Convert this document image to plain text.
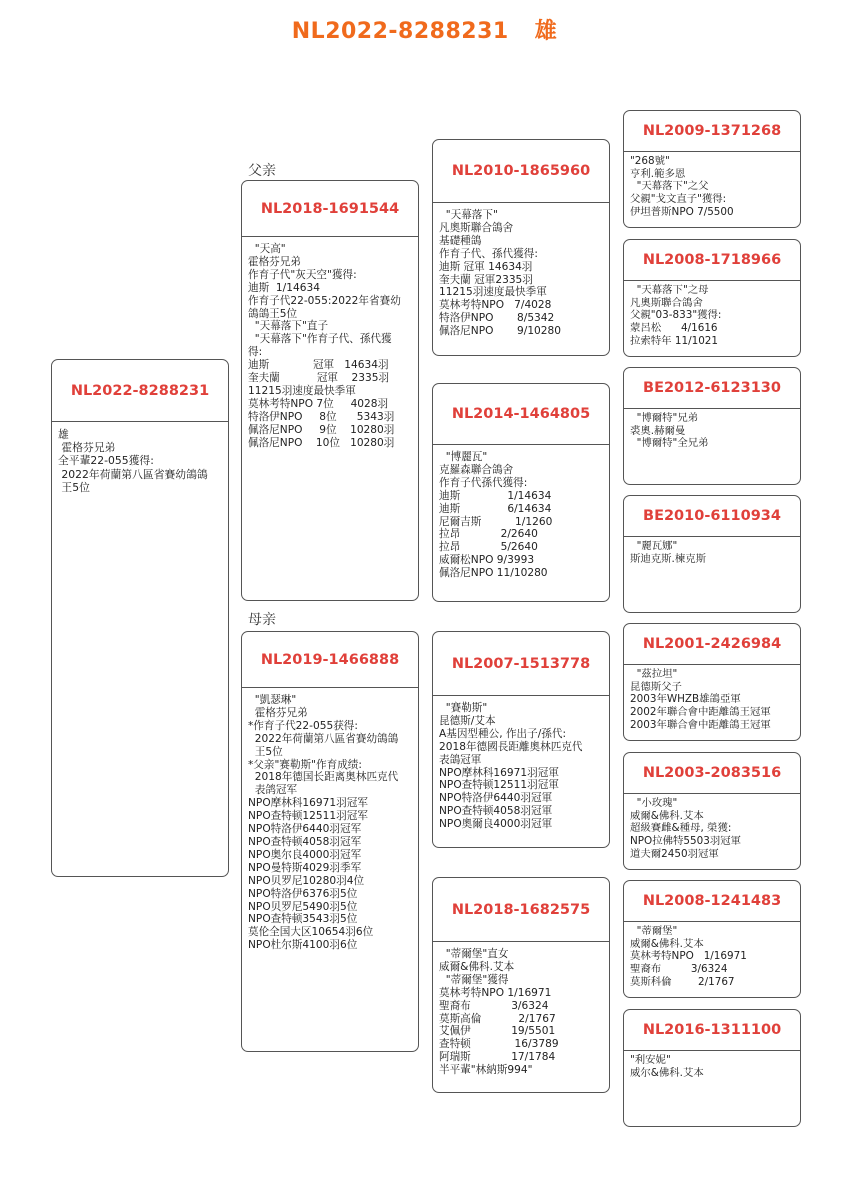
NL2022-8288231 雄
父亲
母亲
NL2022-8288231
雄
霍格芬兄弟
全平輩22-055獲得:
2022年荷蘭第八區省賽幼鴿鴿
王5位
NL2018-1691544
"天高"
霍格芬兄弟
作育子代"灰天空"獲得:
迪斯  1/14634
作育子代22-055:2022年省賽幼
鴿鴿王5位
"天幕落下"直子
"天幕落下"作育子代、孫代獲
得:
迪斯             冠軍   14634羽
奎夫蘭           冠軍    2335羽
11215羽速度最快季軍
莫林考特NPO 7位     4028羽
特洛伊NPO     8位      5343羽
佩洛尼NPO     9位    10280羽
佩洛尼NPO    10位   10280羽
NL2019-1466888
"凱瑟琳"
霍格芬兄弟
*作育子代22-055获得:
2022年荷蘭第八區省賽幼鴿鴿
王5位
*父亲"赛勒斯"作育成绩:
2018年德国长距离奥林匹克代
表鸽冠军
NPO摩林科16971羽冠军
NPO查特顿12511羽冠军
NPO特洛伊6440羽冠军
NPO查特顿4058羽冠军
NPO奥尔良4000羽冠军
NPO曼特斯4029羽季军
NPO贝罗尼10280羽4位
NPO特洛伊6376羽5位
NPO贝罗尼5490羽5位
NPO查特顿3543羽5位
莫伦全国大区10654羽6位
NPO杜尔斯4100羽6位
NL2010-1865960
"天幕落下"
凡奧斯聯合鴿舍
基礎種鴿
作育子代、孫代獲得:
迪斯 冠軍 14634羽
奎夫蘭 冠軍2335羽
11215羽速度最快季軍
莫林考特NPO   7/4028
特洛伊NPO       8/5342
佩洛尼NPO       9/10280
NL2014-1464805
"博麗瓦"
克羅森聯合鴿舍
作育子代孫代獲得:
迪斯              1/14634
迪斯              6/14634
尼爾吉斯          1/1260
拉昂            2/2640
拉昂            5/2640
威爾松NPO 9/3993
佩洛尼NPO 11/10280
NL2007-1513778
"賽勒斯"
昆德斯/艾本
A基因型種公, 作出子/孫代:
2018年德國長距離奧林匹克代
表鴿冠軍
NPO摩林科16971羽冠軍
NPO查特顿12511羽冠軍
NPO特洛伊6440羽冠軍
NPO查特顿4058羽冠軍
NPO奧爾良4000羽冠軍
NL2018-1682575
"蒂爾堡"直女
威爾&佛科.艾本
"蒂爾堡"獲得
莫林考特NPO 1/16971
聖裔布            3/6324
莫斯高倫           2/1767
艾佩伊            19/5501
查特顿             16/3789
阿瑞斯            17/1784
半平輩"林納斯994"
NL2009-1371268
"268號"
亨利.範多恩
"天幕落下"之父
父親"戈文直子"獲得:
伊坦普斯NPO 7/5500
NL2008-1718966
"天幕落下"之母
凡奧斯聯合鴿舍
父親"03-833"獲得:
蒙呂松      4/1616
拉索特年 11/1021
BE2012-6123130
"博爾特"兄弟
裘奧.赫爾曼
"博爾特"全兄弟
BE2010-6110934
"麗瓦娜"
斯迪克斯.楝克斯
NL2001-2426984
"茲拉坦"
昆德斯父子
2003年WHZB雄鴿亞軍
2002年聯合會中距離鴿王冠軍
2003年聯合會中距離鴿王冠軍
NL2003-2083516
"小玫瑰"
威爾&佛科.艾本
超級賽雌&種母, 榮獲:
NPO拉佛特5503羽冠軍
道夫爾2450羽冠軍
NL2008-1241483
"蒂爾堡"
威爾&佛科.艾本
莫林考特NPO   1/16971
聖裔布         3/6324
莫斯科倫        2/1767
NL2016-1311100
"利安妮"
威尔&佛科.艾本
